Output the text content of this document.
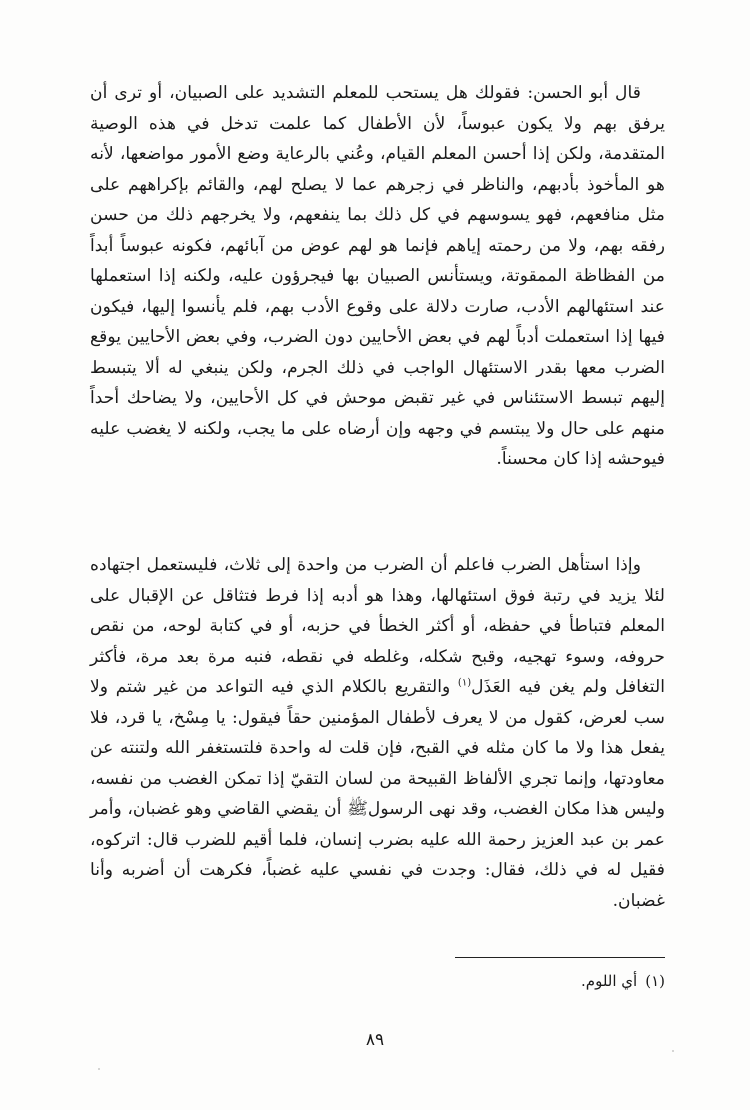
قال أبو الحسن: فقولك هل يستحب للمعلم التشديد على الصبيان، أو ترى أن يرفق بهم ولا يكون عبوساً، لأن الأطفال كما علمت تدخل في هذه الوصية المتقدمة، ولكن إذا أحسن المعلم القيام، وعُني بالرعاية وضع الأمور مواضعها، لأنه هو المأخوذ بأدبهم، والناظر في زجرهم عما لا يصلح لهم، والقائم بإكراههم على مثل منافعهم، فهو يسوسهم في كل ذلك بما ينفعهم، ولا يخرجهم ذلك من حسن رفقه بهم، ولا من رحمته إياهم فإنما هو لهم عوض من آبائهم، فكونه عبوساً أبداً من الفظاظة الممقوتة، ويستأنس الصبيان بها فيجرؤون عليه، ولكنه إذا استعملها عند استئهالهم الأدب، صارت دلالة على وقوع الأدب بهم، فلم يأنسوا إليها، فيكون فيها إذا استعملت أدباً لهم في بعض الأحايين دون الضرب، وفي بعض الأحايين يوقع الضرب معها بقدر الاستئهال الواجب في ذلك الجرم، ولكن ينبغي له ألا يتبسط إليهم تبسط الاستئناس في غير تقبض موحش في كل الأحايين، ولا يضاحك أحداً منهم على حال ولا يبتسم في وجهه وإن أرضاه على ما يجب، ولكنه لا يغضب عليه فيوحشه إذا كان محسناً.

وإذا استأهل الضرب فاعلم أن الضرب من واحدة إلى ثلاث، فليستعمل اجتهاده لئلا يزيد في رتبة فوق استئهالها، وهذا هو أدبه إذا فرط فتثاقل عن الإقبال على المعلم فتباطأ في حفظه، أو أكثر الخطأ في حزبه، أو في كتابة لوحه، من نقص حروفه، وسوء تهجيه، وقبح شكله، وغلطه في نقطه، فنبه مرة بعد مرة، فأكثر التغافل ولم يغن فيه العَذَل$^{(١)}$ والتقريع بالكلام الذي فيه التواعد من غير شتم ولا سب لعرض، كقول من لا يعرف لأطفال المؤمنين حقاً فيقول: يا مِسْخ، يا قرد، فلا يفعل هذا ولا ما كان مثله في القبح، فإن قلت له واحدة فلتستغفر الله ولتنته عن معاودتها، وإنما تجري الألفاظ القبيحة من لسان التقيّ إذا تمكن الغضب من نفسه، وليس هذا مكان الغضب، وقد نهى الرسولﷺ أن يقضي القاضي وهو غضبان، وأمر عمر بن عبد العزيز رحمة الله عليه بضرب إنسان، فلما أقيم للضرب قال: اتركوه، فقيل له في ذلك، فقال: وجدت في نفسي عليه غضباً، فكرهت أن أضربه وأنا غضبان.

(١)أي اللوم.
٨٩
